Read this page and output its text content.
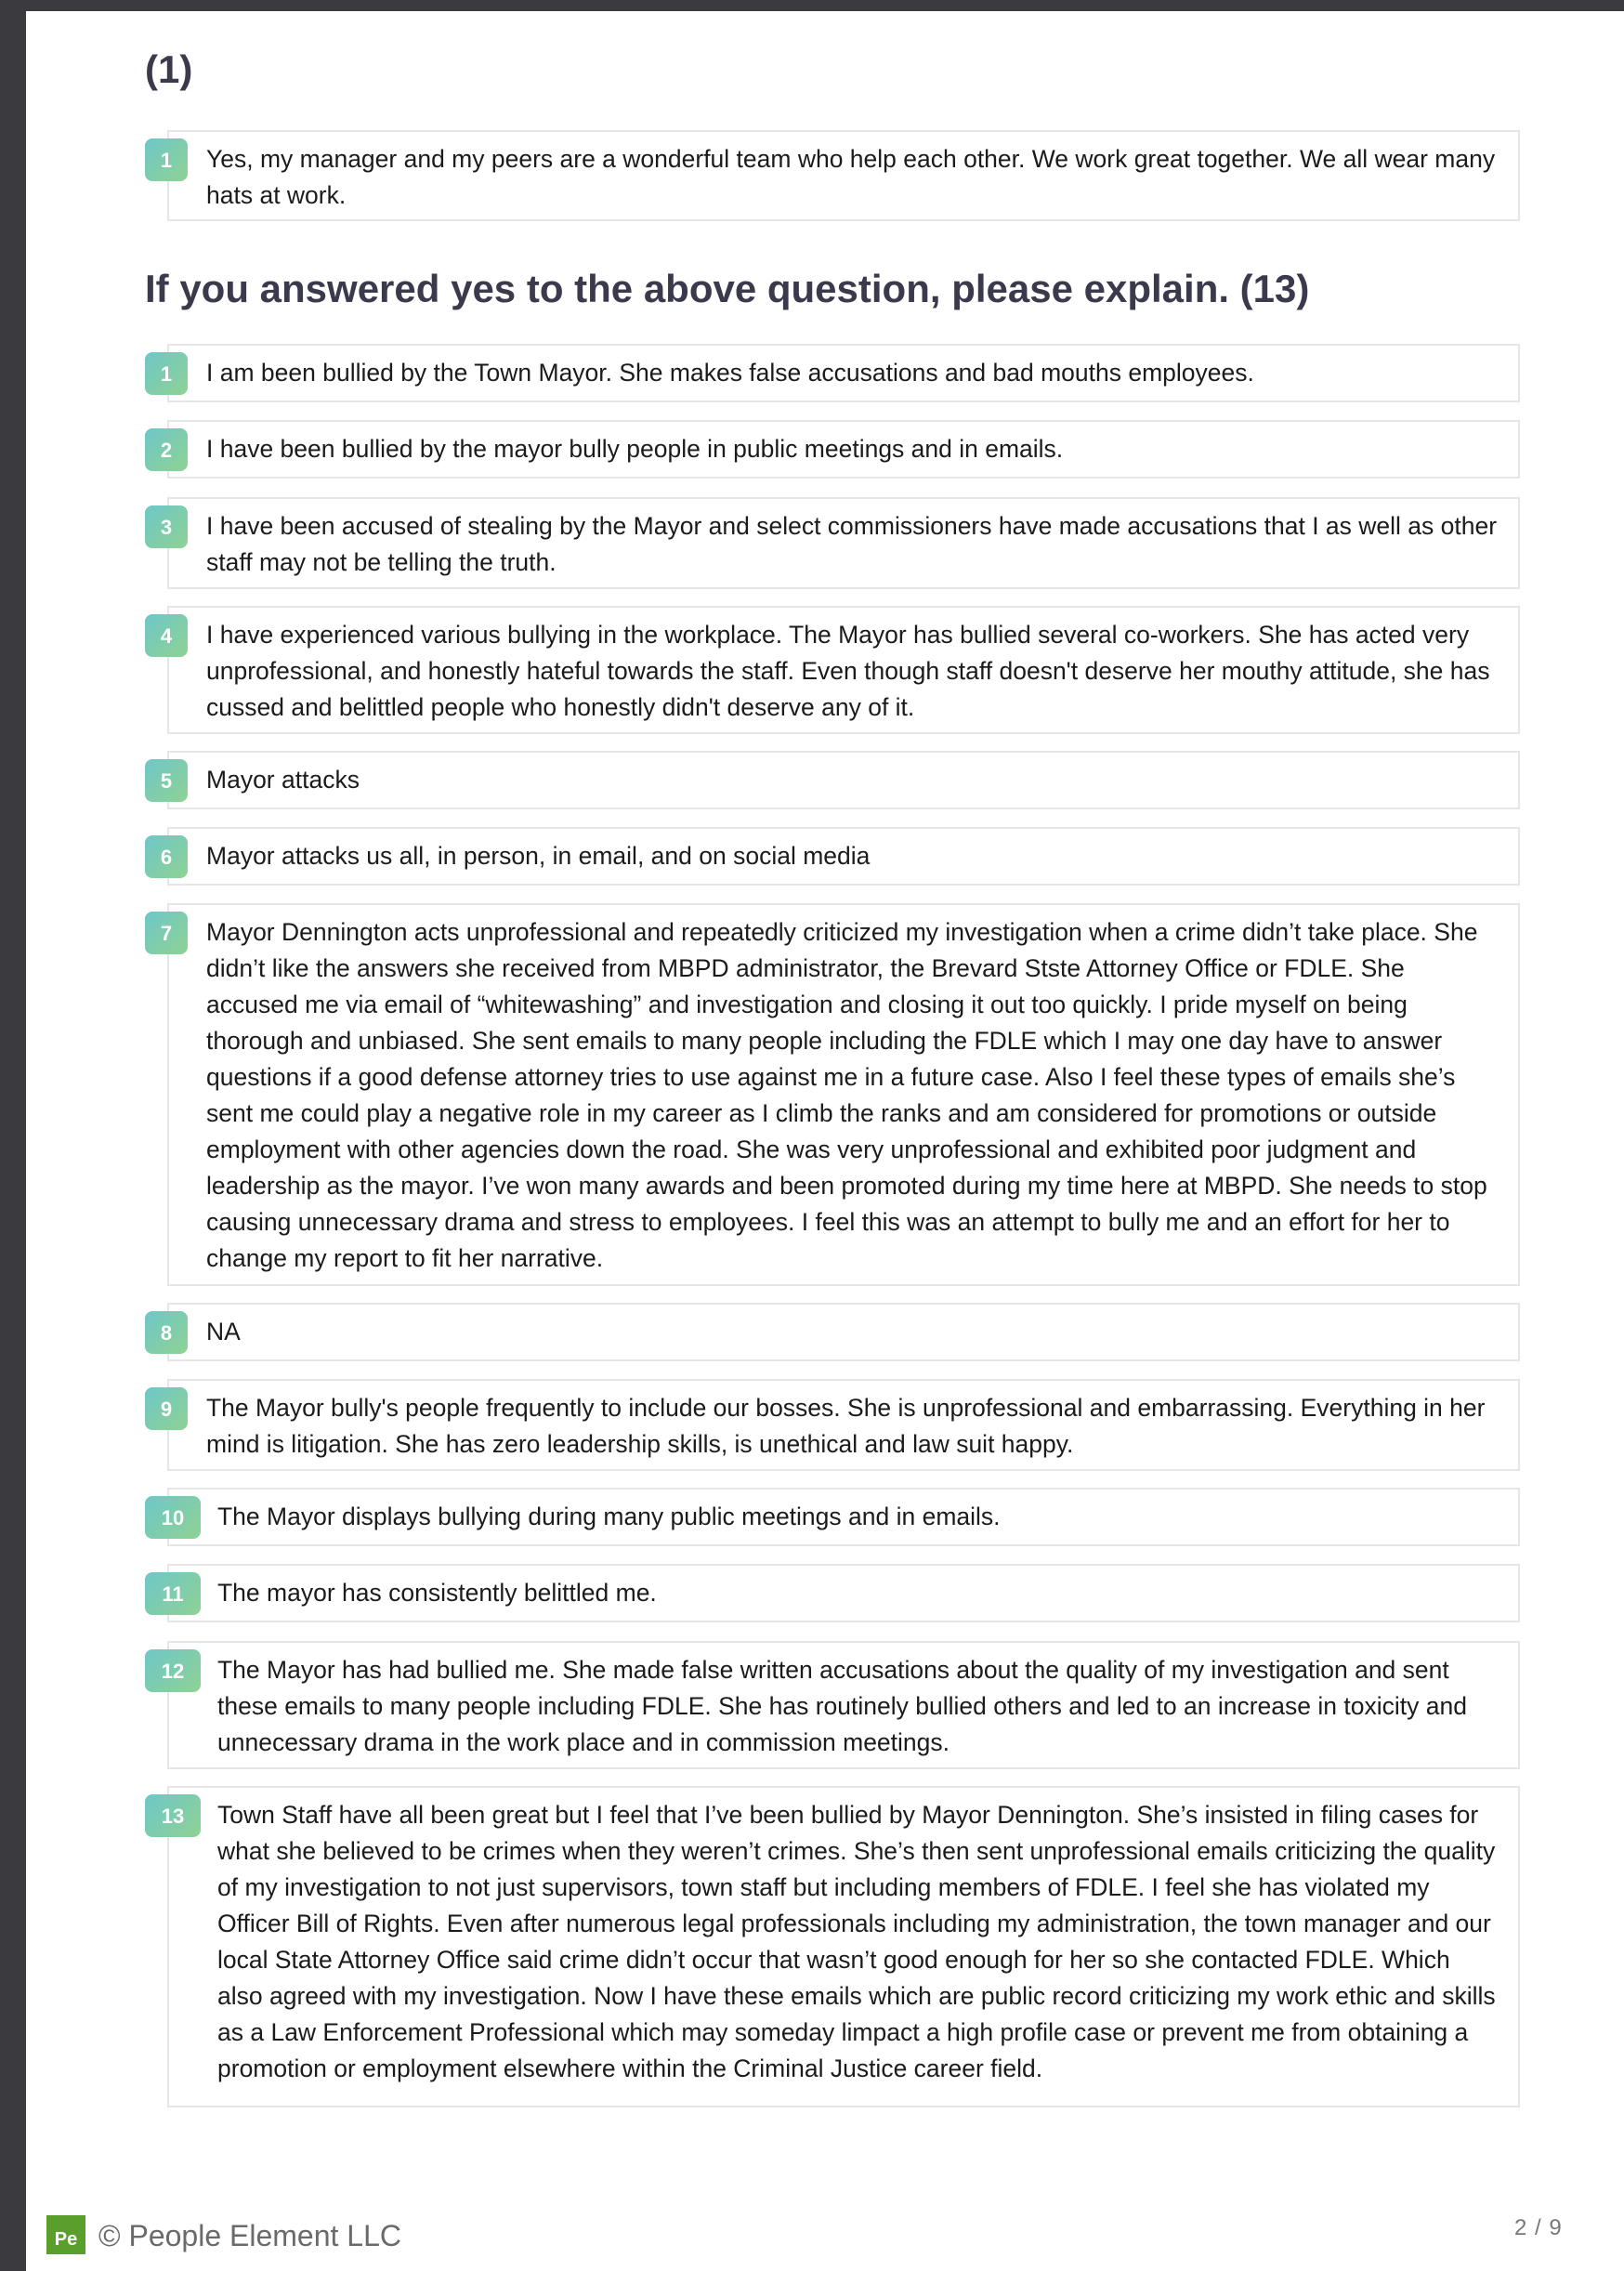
(1)
1	Yes, my manager and my peers are a wonderful team who help each other. We work great together. We all wear many hats at work.
If you answered yes to the above question, please explain. (13)
1	I am been bullied by the Town Mayor. She makes false accusations and bad mouths employees.
2	I have been bullied by the mayor bully people in public meetings and in emails.
3	I have been accused of stealing by the Mayor and select commissioners have made accusations that I as well as other staff may not be telling the truth.
4	I have experienced various bullying in the workplace. The Mayor has bullied several co-workers. She has acted very unprofessional, and honestly hateful towards the staff. Even though staff doesn't deserve her mouthy attitude, she has cussed and belittled people who honestly didn't deserve any of it.
5	Mayor attacks
6	Mayor attacks us all, in person, in email, and on social media
7	Mayor Dennington acts unprofessional and repeatedly criticized my investigation when a crime didn’t take place. She didn’t like the answers she received from MBPD administrator, the Brevard Stste Attorney Office or FDLE. She accused me via email of “whitewashing” and investigation and closing it out too quickly. I pride myself on being thorough and unbiased. She sent emails to many people including the FDLE which I may one day have to answer questions if a good defense attorney tries to use against me in a future case. Also I feel these types of emails she’s sent me could play a negative role in my career as I climb the ranks and am considered for promotions or outside employment with other agencies down the road. She was very unprofessional and exhibited poor judgment and leadership as the mayor. I’ve won many awards and been promoted during my time here at MBPD. She needs to stop causing unnecessary drama and stress to employees. I feel this was an attempt to bully me and an effort for her to change my report to fit her narrative.
8	NA
9	The Mayor bully's people frequently to include our bosses. She is unprofessional and embarrassing. Everything in her mind is litigation. She has zero leadership skills, is unethical and law suit happy.
10	The Mayor displays bullying during many public meetings and in emails.
11	The mayor has consistently belittled me.
12	The Mayor has had bullied me. She made false written accusations about the quality of my investigation and sent these emails to many people including FDLE. She has routinely bullied others and led to an increase in toxicity and unnecessary drama in the work place and in commission meetings.
13	Town Staff have all been great but I feel that I’ve been bullied by Mayor Dennington. She’s insisted in filing cases for what she believed to be crimes when they weren’t crimes. She’s then sent unprofessional emails criticizing the quality of my investigation to not just supervisors, town staff but including members of FDLE. I feel she has violated my Officer Bill of Rights. Even after numerous legal professionals including my administration, the town manager and our local State Attorney Office said crime didn’t occur that wasn’t good enough for her so she contacted FDLE. Which also agreed with my investigation. Now I have these emails which are public record criticizing my work ethic and skills as a Law Enforcement Professional which may someday limpact a high profile case or prevent me from obtaining a promotion or employment elsewhere within the Criminal Justice career field.
Pe © People Element LLC	2 / 9
